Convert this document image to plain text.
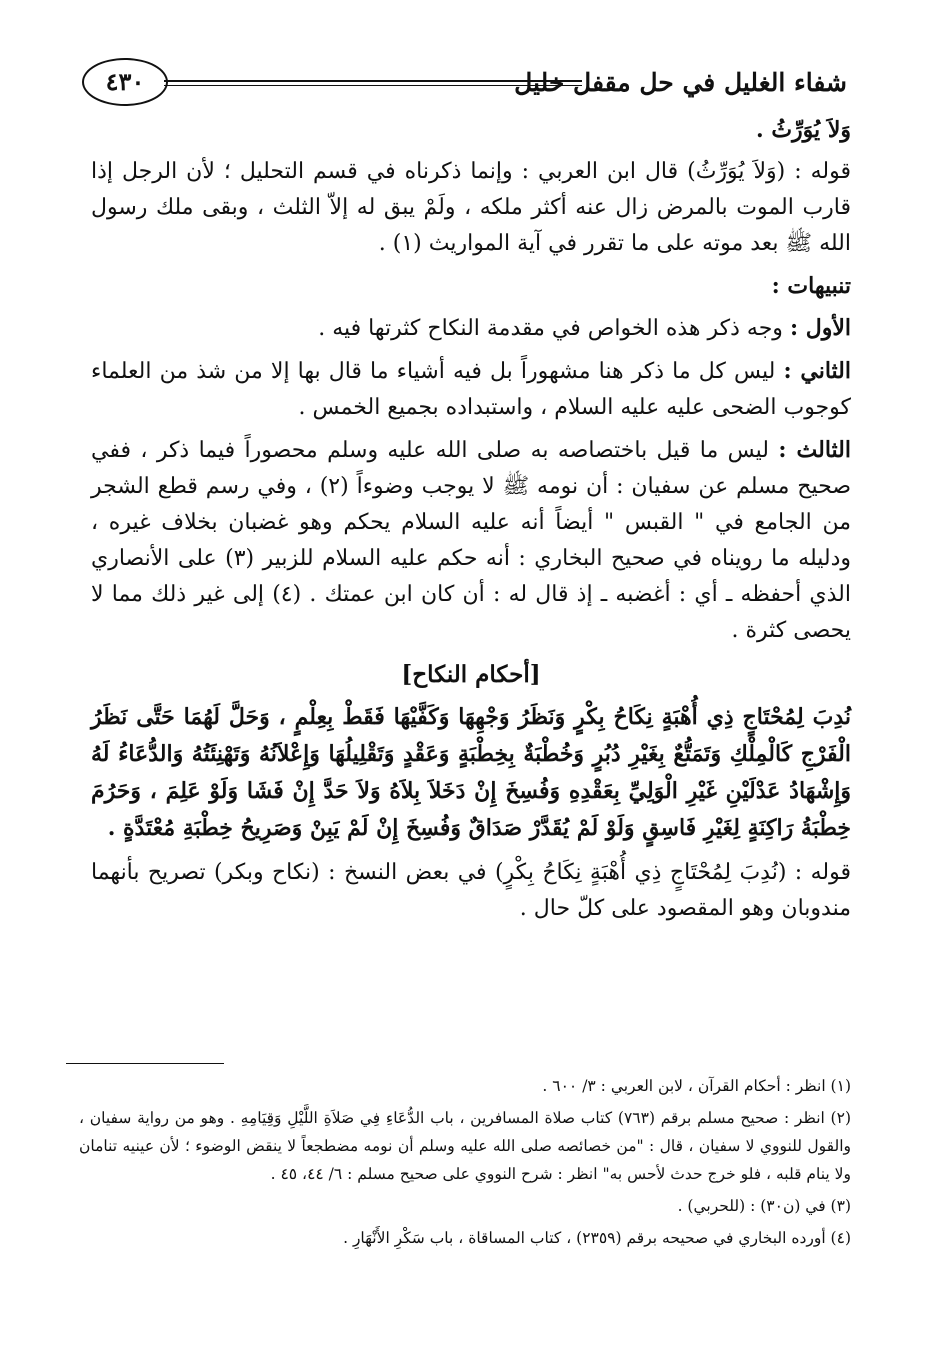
شفاء الغليل في حل مقفل خليل
٤٣٠

وَلاَ يُوَرِّثُ .

قوله : (وَلاَ يُوَرِّثُ) قال ابن العربي : وإنما ذكرناه في قسم التحليل ؛ لأن الرجل إذا قارب الموت بالمرض زال عنه أكثر ملكه ، ولَمْ يبق له إلاّ الثلث ، وبقى ملك رسول الله ﷺ بعد موته على ما تقرر في آية المواريث (١) .

تنبيهات :

الأول : وجه ذكر هذه الخواص في مقدمة النكاح كثرتها فيه .

الثاني : ليس كل ما ذكر هنا مشهوراً بل فيه أشياء ما قال بها إلا من شذ من العلماء كوجوب الضحى عليه عليه السلام ، واستبداده بجميع الخمس .

الثالث : ليس ما قيل باختصاصه به صلى الله عليه وسلم محصوراً فيما ذكر ، ففي صحيح مسلم عن سفيان : أن نومه ﷺ لا يوجب وضوءاً (٢) ، وفي رسم قطع الشجر من الجامع في " القبس " أيضاً أنه عليه السلام يحكم وهو غضبان بخلاف غيره ، ودليله ما رويناه في صحيح البخاري : أنه حكم عليه السلام للزبير (٣) على الأنصاري الذي أحفظه ـ أي : أغضبه ـ إذ قال له : أن كان ابن عمتك . (٤) إلى غير ذلك مما لا يحصى كثرة .

[أحكام النكاح]
نُدِبَ لِمُحْتَاجٍ ذِي أُهْبَةٍ نِكَاحُ بِكْرٍ وَنَظَرُ وَجْهِهَا وَكَفَّيْهَا فَقَطْ بِعِلْمٍ ، وَحَلَّ لَهُمَا حَتَّى نَظَرُ الْفَرْجِ كَالْمِلْكِ وَتَمَتُّعٌ بِغَيْرِ دُبُرٍ وَخُطْبَةٌ بِخِطْبَةٍ وَعَقْدٍ وَتَقْلِيلُهَا وَإِعْلاَنُهُ وَتَهْنِئَتُهُ وَالدُّعَاءُ لَهُ وَإِشْهَادُ عَدْلَيْنِ غَيْرِ الْوَلِيِّ بِعَقْدِهِ وَفُسِخَ إِنْ دَخَلاَ بِلاَهُ وَلاَ حَدَّ إِنْ فَشَا وَلَوْ عَلِمَ ، وَحَرُمَ خِطْبَةُ رَاكِنَةٍ لِغَيْرِ فَاسِقٍ وَلَوْ لَمْ يُقَدَّرْ صَدَاقٌ وَفُسِخَ إِنْ لَمْ يَبِنْ وَصَرِيحُ خِطْبَةِ مُعْتَدَّةٍ .

قوله : (نُدِبَ لِمُحْتَاجٍ ذِي أُهْبَةٍ نِكَاحُ بِكْرٍ) في بعض النسخ : (نكاح وبكر) تصريح بأنهما مندوبان وهو المقصود على كلّ حال .

(١) انظر : أحكام القرآن ، لابن العربي : ٣/ ٦٠٠ .

(٢) انظر : صحيح مسلم برقم (٧٦٣) كتاب صلاة المسافرين ، باب الدُّعَاءِ فِي صَلاَةِ اللَّيْلِ وَقِيَامِهِ . وهو من رواية سفيان ، والقول للنووي لا سفيان ، قال : "من خصائصه صلى الله عليه وسلم أن نومه مضطجعاً لا ينقض الوضوء ؛ لأن عينيه تنامان ولا ينام قلبه ، فلو خرج حدث لأحس به" انظر : شرح النووي على صحيح مسلم : ٦/ ٤٤، ٤٥ .

(٣) في (ن٣٠) : (للحربي) .

(٤) أورده البخاري في صحيحه برقم (٢٣٥٩) ، كتاب المساقاة ، باب سَكْرِ الأَنْهَارِ .
